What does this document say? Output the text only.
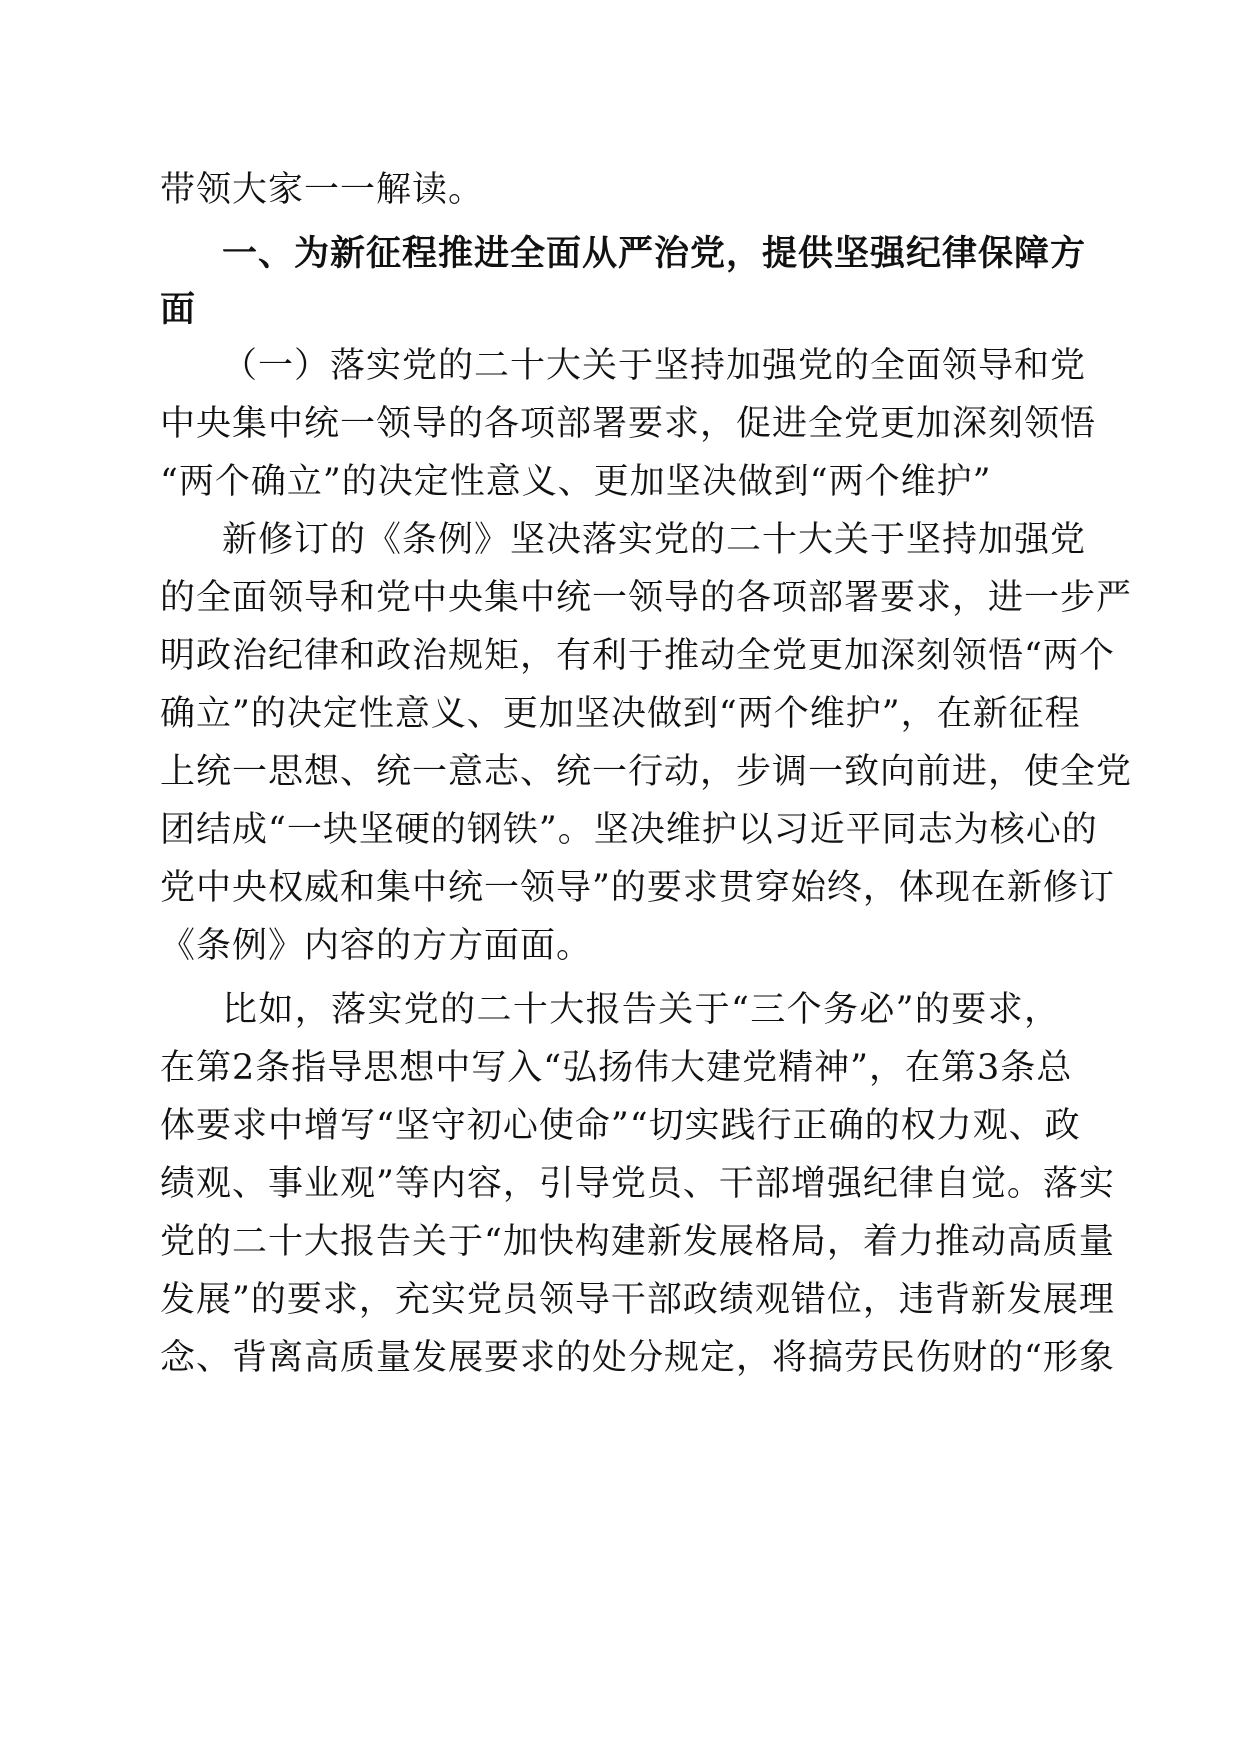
带领大家一一解读。
一、为新征程推进全面从严治党，提供坚强纪律保障方
面
（一）落实党的二十大关于坚持加强党的全面领导和党
中央集中统一领导的各项部署要求，促进全党更加深刻领悟
“两个确立”的决定性意义、更加坚决做到“两个维护”
新修订的《条例》坚决落实党的二十大关于坚持加强党
的全面领导和党中央集中统一领导的各项部署要求，进一步严
明政治纪律和政治规矩，有利于推动全党更加深刻领悟“两个
确立”的决定性意义、更加坚决做到“两个维护”，在新征程
上统一思想、统一意志、统一行动，步调一致向前进，使全党
团结成“一块坚硬的钢铁”。坚决维护以习近平同志为核心的
党中央权威和集中统一领导”的要求贯穿始终，体现在新修订
《条例》内容的方方面面。
比如，落实党的二十大报告关于“三个务必”的要求，
在第2条指导思想中写入“弘扬伟大建党精神”，在第3条总
体要求中增写“坚守初心使命”“切实践行正确的权力观、政
绩观、事业观”等内容，引导党员、干部增强纪律自觉。落实
党的二十大报告关于“加快构建新发展格局，着力推动高质量
发展”的要求，充实党员领导干部政绩观错位，违背新发展理
念、背离高质量发展要求的处分规定，将搞劳民伤财的“形象
